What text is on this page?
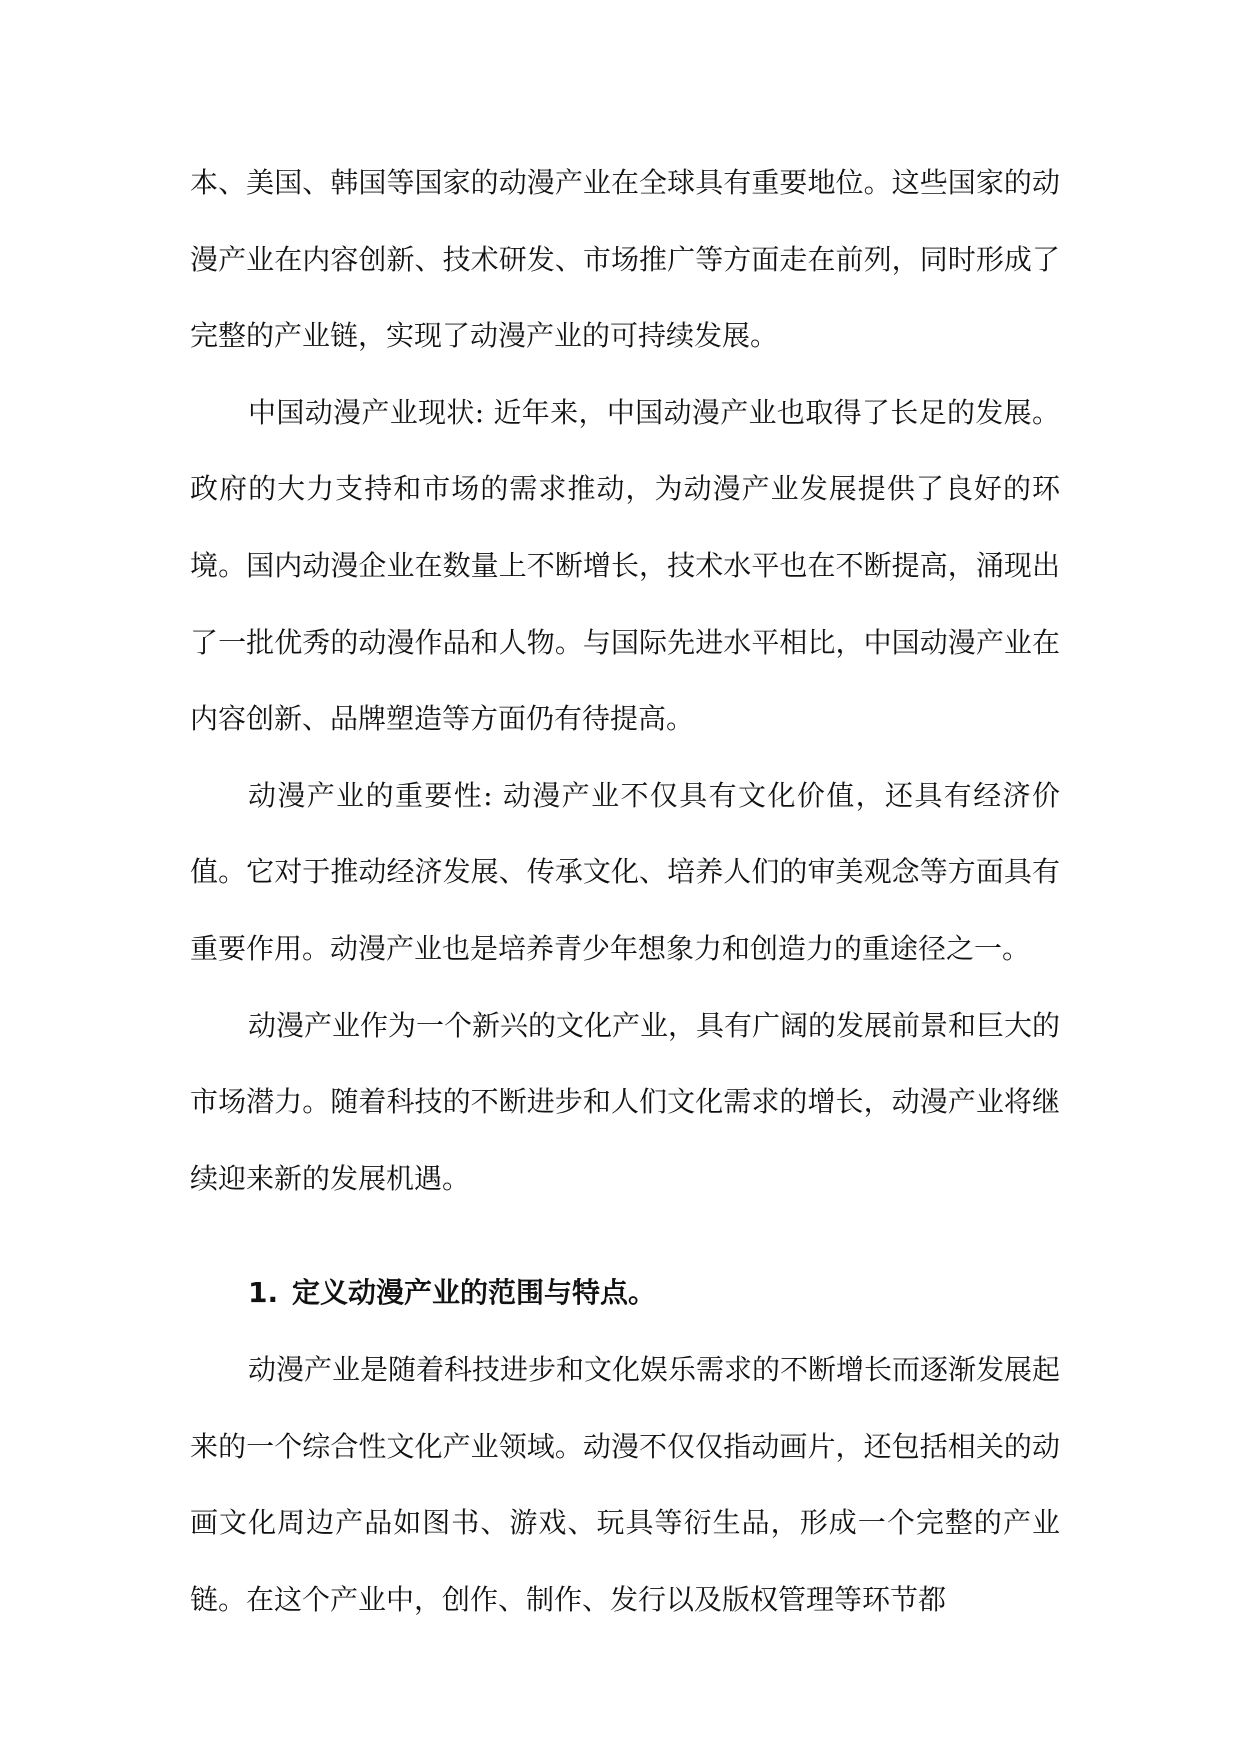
本、美国、韩国等国家的动漫产业在全球具有重要地位。这些国家的动漫产业在内容创新、技术研发、市场推广等方面走在前列，同时形成了完整的产业链，实现了动漫产业的可持续发展。

中国动漫产业现状: 近年来，中国动漫产业也取得了长足的发展。政府的大力支持和市场的需求推动，为动漫产业发展提供了良好的环境。国内动漫企业在数量上不断增长，技术水平也在不断提高，涌现出了一批优秀的动漫作品和人物。与国际先进水平相比，中国动漫产业在内容创新、品牌塑造等方面仍有待提高。

动漫产业的重要性: 动漫产业不仅具有文化价值，还具有经济价值。它对于推动经济发展、传承文化、培养人们的审美观念等方面具有重要作用。动漫产业也是培养青少年想象力和创造力的重途径之一。

动漫产业作为一个新兴的文化产业，具有广阔的发展前景和巨大的市场潜力。随着科技的不断进步和人们文化需求的增长，动漫产业将继续迎来新的发展机遇。

1. 定义动漫产业的范围与特点。

动漫产业是随着科技进步和文化娱乐需求的不断增长而逐渐发展起来的一个综合性文化产业领域。动漫不仅仅指动画片，还包括相关的动画文化周边产品如图书、游戏、玩具等衍生品，形成一个完整的产业链。在这个产业中，创作、制作、发行以及版权管理等环节都
